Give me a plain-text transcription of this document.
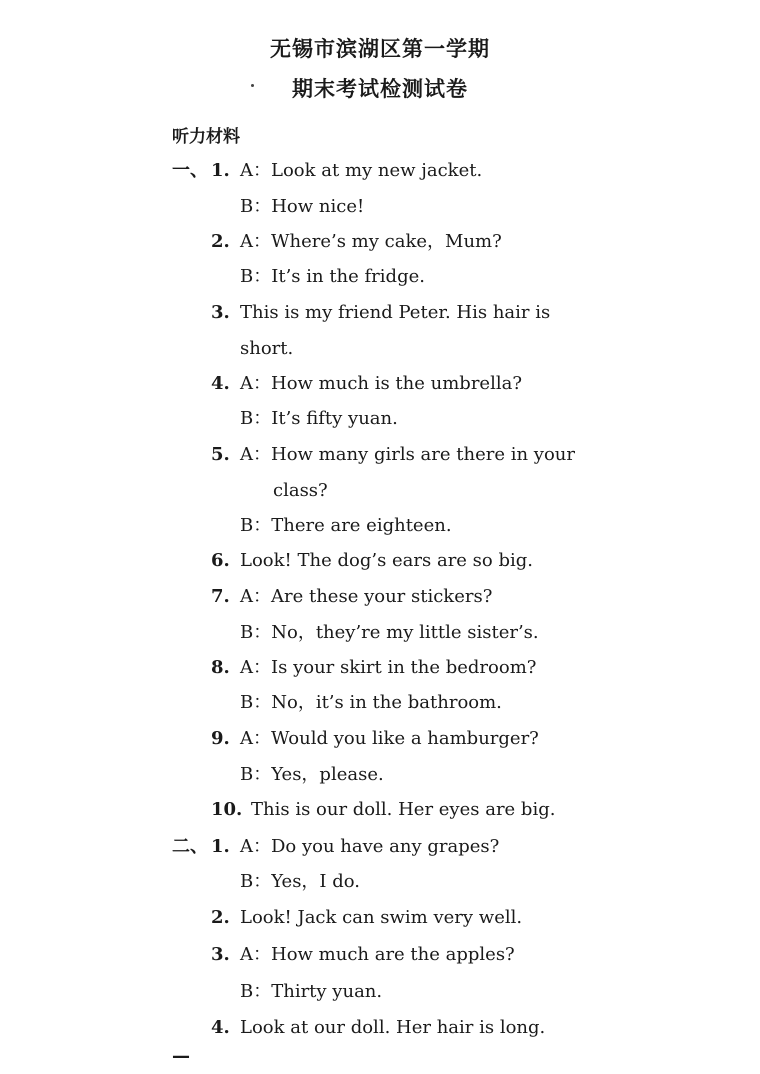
无锡市滨湖区第一学期
期末考试检测试卷
听力材料
一、 1. A：Look at my new jacket.
B：How nice!
2. A：Where’s my cake，Mum?
B：It’s in the fridge.
3. This is my friend Peter. His hair is
short.
4. A：How much is the umbrella?
B：It’s fifty yuan.
5. A：How many girls are there in your
class?
B：There are eighteen.
6. Look! The dog’s ears are so big.
7. A：Are these your stickers?
B：No，they’re my little sister’s.
8. A：Is your skirt in the bedroom?
B：No，it’s in the bathroom.
9. A：Would you like a hamburger?
B：Yes，please.
10. This is our doll. Her eyes are big.
二、 1. A：Do you have any grapes?
B：Yes，I do.
2. Look! Jack can swim very well.
3. A：How much are the apples?
B：Thirty yuan.
4. Look at our doll. Her hair is long.
—
